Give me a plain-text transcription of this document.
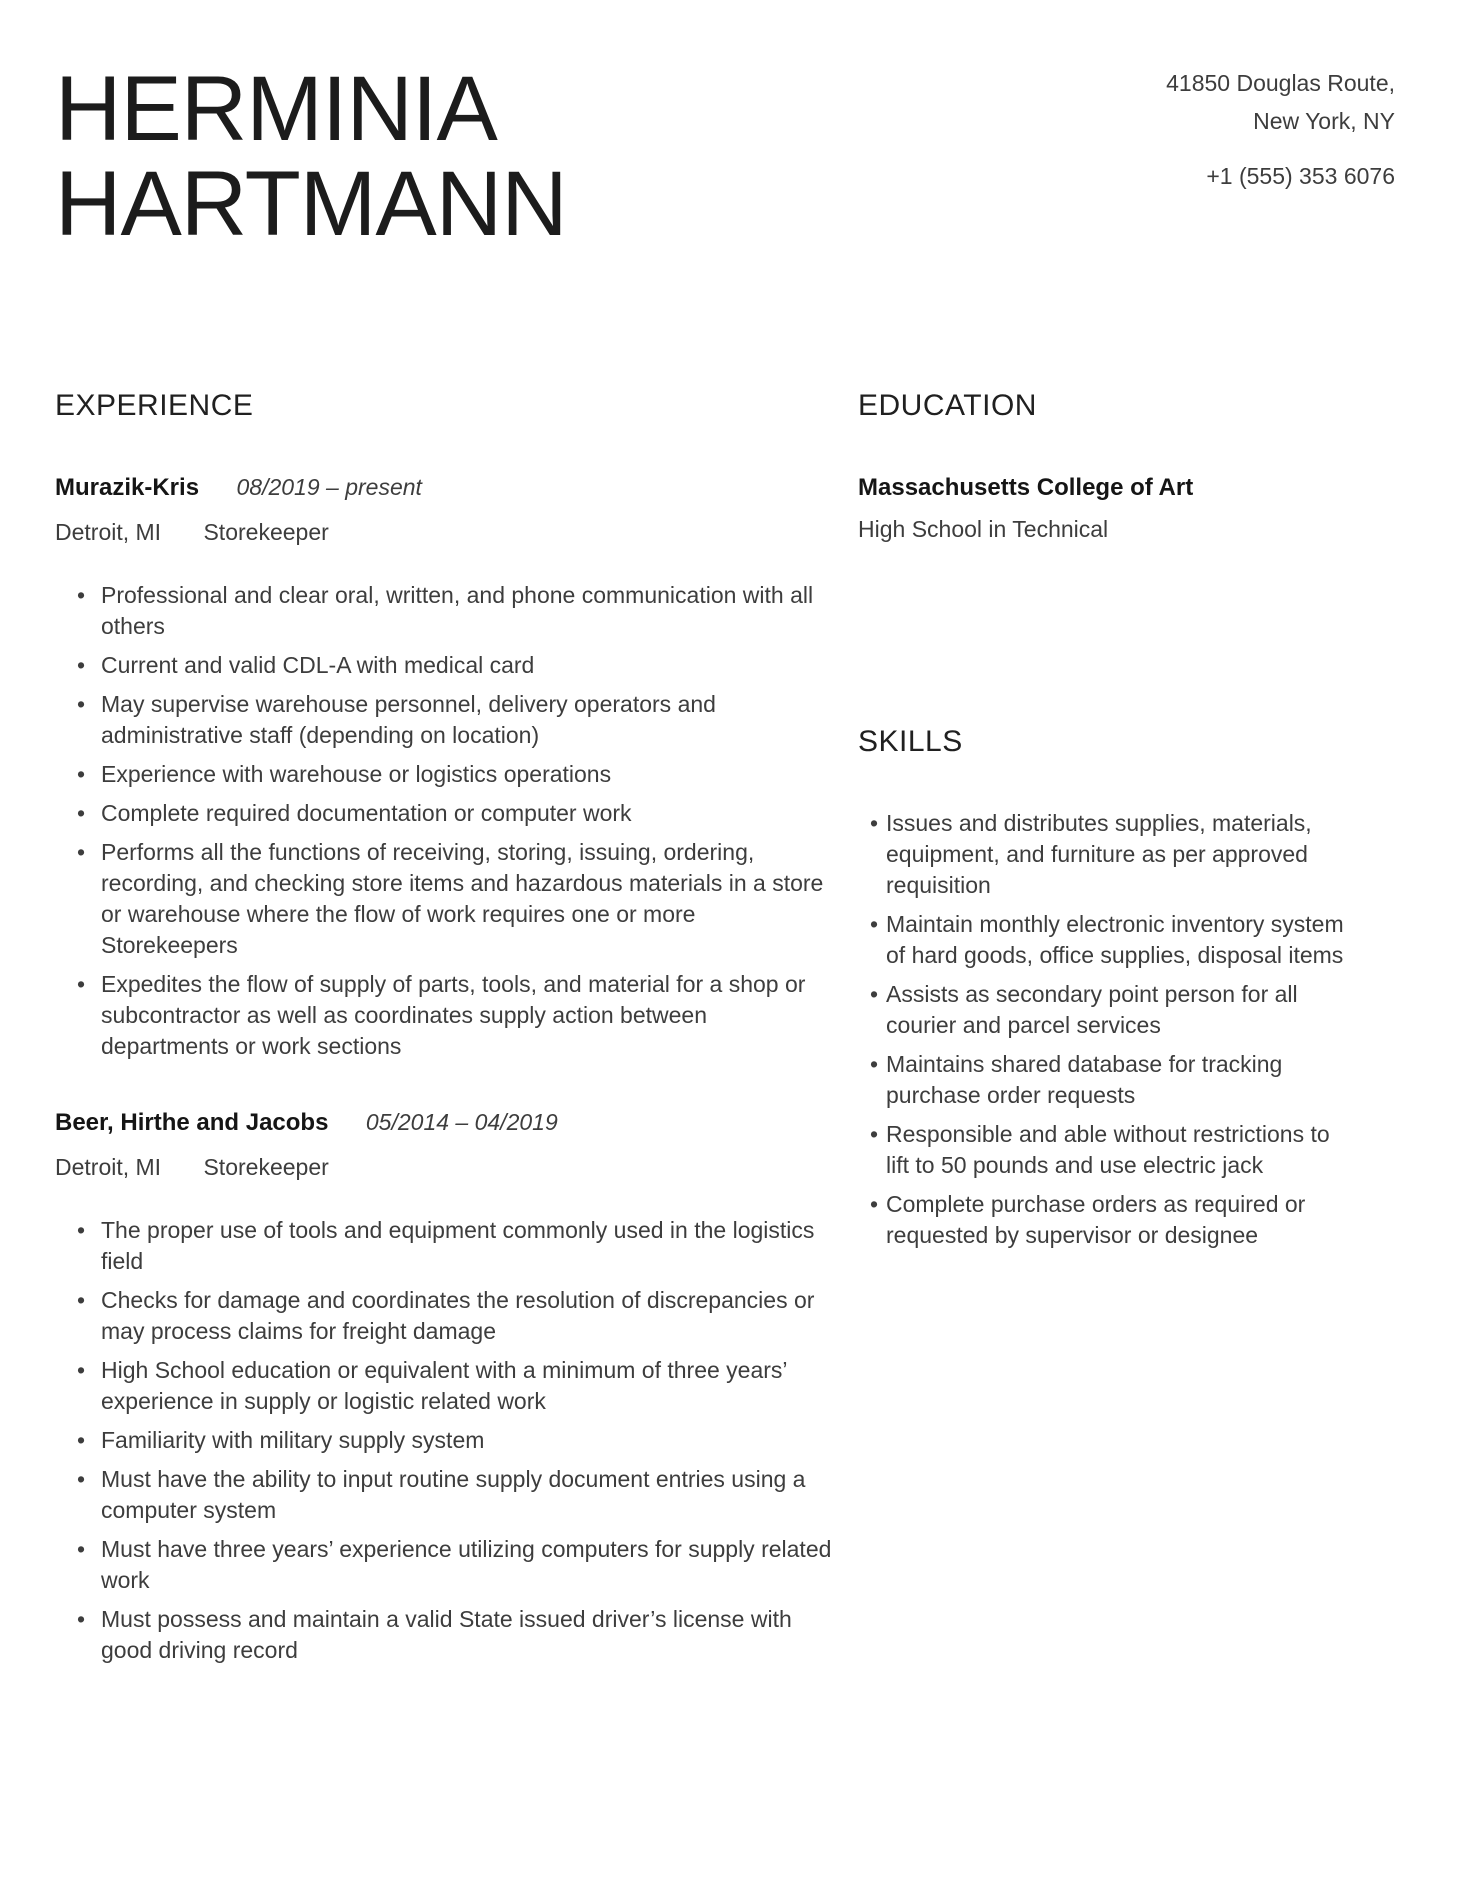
HERMINIA
HARTMANN
41850 Douglas Route,
New York, NY
+1 (555) 353 6076
EXPERIENCE
Murazik-Kris 08/2019 – present
Detroit, MI Storekeeper
• Professional and clear oral, written, and phone communication with all others
• Current and valid CDL-A with medical card
• May supervise warehouse personnel, delivery operators and administrative staff (depending on location)
• Experience with warehouse or logistics operations
• Complete required documentation or computer work
• Performs all the functions of receiving, storing, issuing, ordering, recording, and checking store items and hazardous materials in a store or warehouse where the flow of work requires one or more Storekeepers
• Expedites the flow of supply of parts, tools, and material for a shop or subcontractor as well as coordinates supply action between departments or work sections
Beer, Hirthe and Jacobs 05/2014 – 04/2019
Detroit, MI Storekeeper
• The proper use of tools and equipment commonly used in the logistics field
• Checks for damage and coordinates the resolution of discrepancies or may process claims for freight damage
• High School education or equivalent with a minimum of three years’ experience in supply or logistic related work
• Familiarity with military supply system
• Must have the ability to input routine supply document entries using a computer system
• Must have three years’ experience utilizing computers for supply related work
• Must possess and maintain a valid State issued driver’s license with good driving record
EDUCATION
Massachusetts College of Art
High School in Technical
SKILLS
• Issues and distributes supplies, materials, equipment, and furniture as per approved requisition
• Maintain monthly electronic inventory system of hard goods, office supplies, disposal items
• Assists as secondary point person for all courier and parcel services
• Maintains shared database for tracking purchase order requests
• Responsible and able without restrictions to lift to 50 pounds and use electric jack
• Complete purchase orders as required or requested by supervisor or designee
